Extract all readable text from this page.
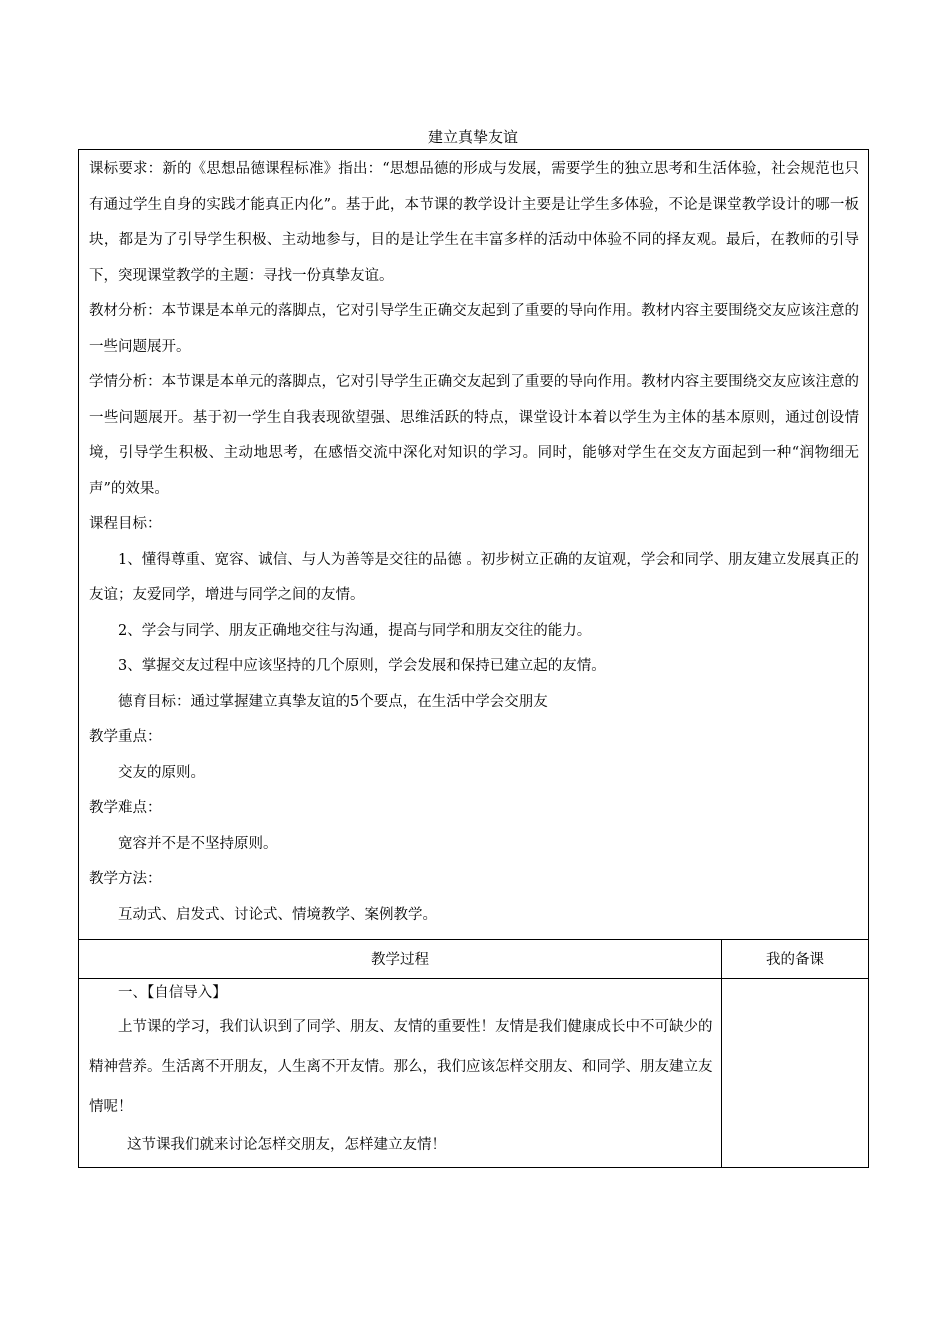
建立真挚友谊

课标要求：新的《思想品德课程标准》指出：“思想品德的形成与发展，需要学生的独立思考和生活体验，社会规范也只有通过学生自身的实践才能真正内化”。基于此，本节课的教学设计主要是让学生多体验，不论是课堂教学设计的哪一板块，都是为了引导学生积极、主动地参与，目的是让学生在丰富多样的活动中体验不同的择友观。最后，在教师的引导下，突现课堂教学的主题：寻找一份真挚友谊。

教材分析：本节课是本单元的落脚点，它对引导学生正确交友起到了重要的导向作用。教材内容主要围绕交友应该注意的一些问题展开。

学情分析：本节课是本单元的落脚点，它对引导学生正确交友起到了重要的导向作用。教材内容主要围绕交友应该注意的一些问题展开。基于初一学生自我表现欲望强、思维活跃的特点，课堂设计本着以学生为主体的基本原则，通过创设情境，引导学生积极、主动地思考，在感悟交流中深化对知识的学习。同时，能够对学生在交友方面起到一种“润物细无声”的效果。

课程目标：

1、懂得尊重、宽容、诚信、与人为善等是交往的品德 。初步树立正确的友谊观，学会和同学、朋友建立发展真正的友谊；友爱同学，增进与同学之间的友情。

2、学会与同学、朋友正确地交往与沟通，提高与同学和朋友交往的能力。

3、掌握交友过程中应该坚持的几个原则，学会发展和保持已建立起的友情。

德育目标：通过掌握建立真挚友谊的5个要点，在生活中学会交朋友

教学重点：

交友的原则。

教学难点：

宽容并不是不坚持原则。

教学方法：

互动式、启发式、讨论式、情境教学、案例教学。

教学过程	我的备课

一、【自信导入】

上节课的学习，我们认识到了同学、朋友、友情的重要性！友情是我们健康成长中不可缺少的精神营养。生活离不开朋友，人生离不开友情。那么，我们应该怎样交朋友、和同学、朋友建立友情呢！

这节课我们就来讨论怎样交朋友，怎样建立友情！
